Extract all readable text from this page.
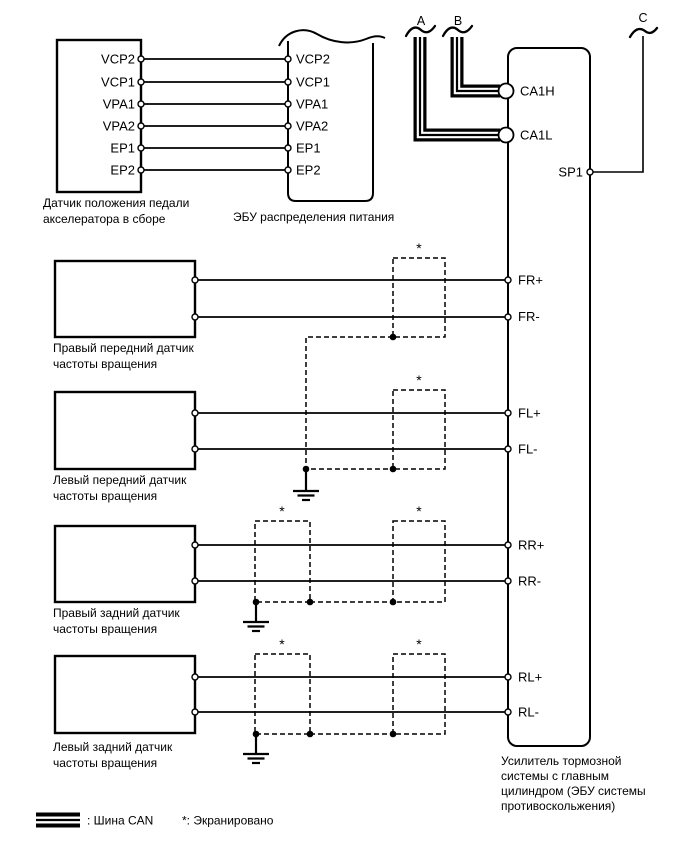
VCP2
VCP1
VPA1
VPA2
EP1
EP2
VCP2
VCP1
VPA1
VPA2
EP1
EP2
Датчик положения педали
акселератора в сборе	ЭБУ распределения питания
A B
CA1H
CA1L
C
SP1
*
FR+
FR-
Правый передний датчик
частоты вращения
*
FL+
FL-
Левый передний датчик
частоты вращения
*	*
RR+
RR-
Правый задний датчик
частоты вращения
*	*
RL+
RL-
Левый задний датчик
частоты вращения	Усилитель тормозной
системы с главным
цилиндром (ЭБУ системы
противоскольжения)
: Шина CAN *: Экранировано
